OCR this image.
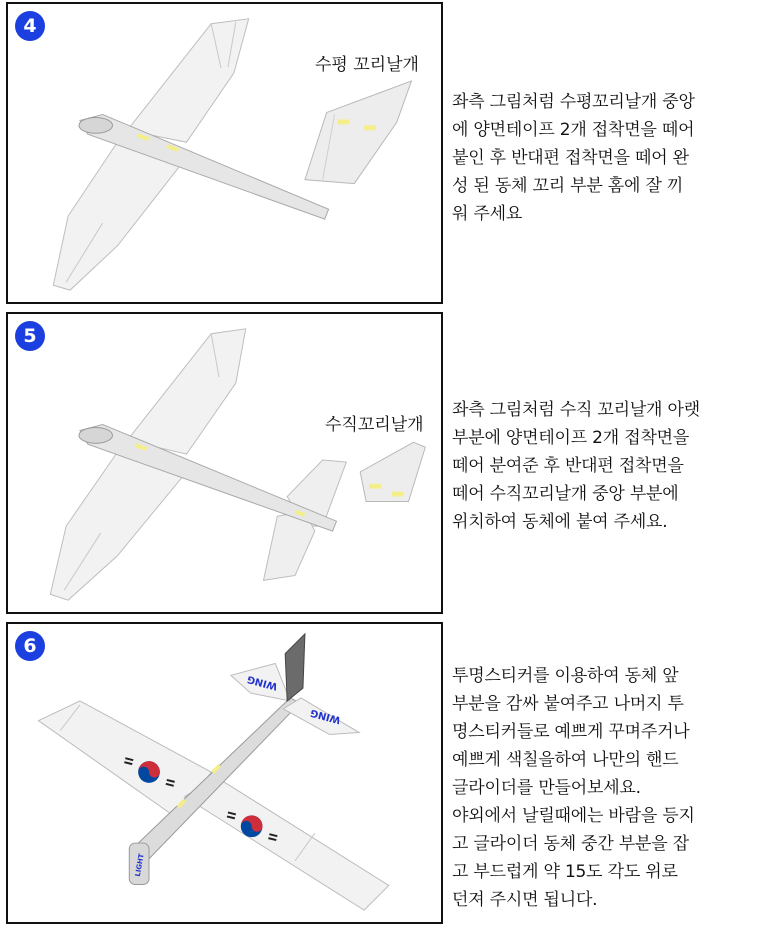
4
수평 꼬리날개
좌측 그림처럼 수평꼬리날개 중앙
에 양면테이프 2개 접착면을 떼어
붙인 후 반대편 접착면을 떼어 완
성 된 동체 꼬리 부분 홈에 잘 끼
워 주세요
5
수직꼬리날개
좌측 그림처럼 수직 꼬리날개 아랫
부분에 양면테이프 2개 접착면을
떼어 분여준 후 반대편 접착면을
떼어 수직꼬리날개 중앙 부분에
위치하여 동체에 붙여 주세요.
WING
WING
LIGHT
6
투명스티커를 이용하여 동체 앞
부분을 감싸 붙여주고 나머지 투
명스티커들로 예쁘게 꾸며주거나
예쁘게 색칠을하여 나만의 핸드
글라이더를 만들어보세요.
야외에서 날릴때에는 바람을 등지
고 글라이더 동체 중간 부분을 잡
고 부드럽게 약 15도 각도 위로
던져 주시면 됩니다.
